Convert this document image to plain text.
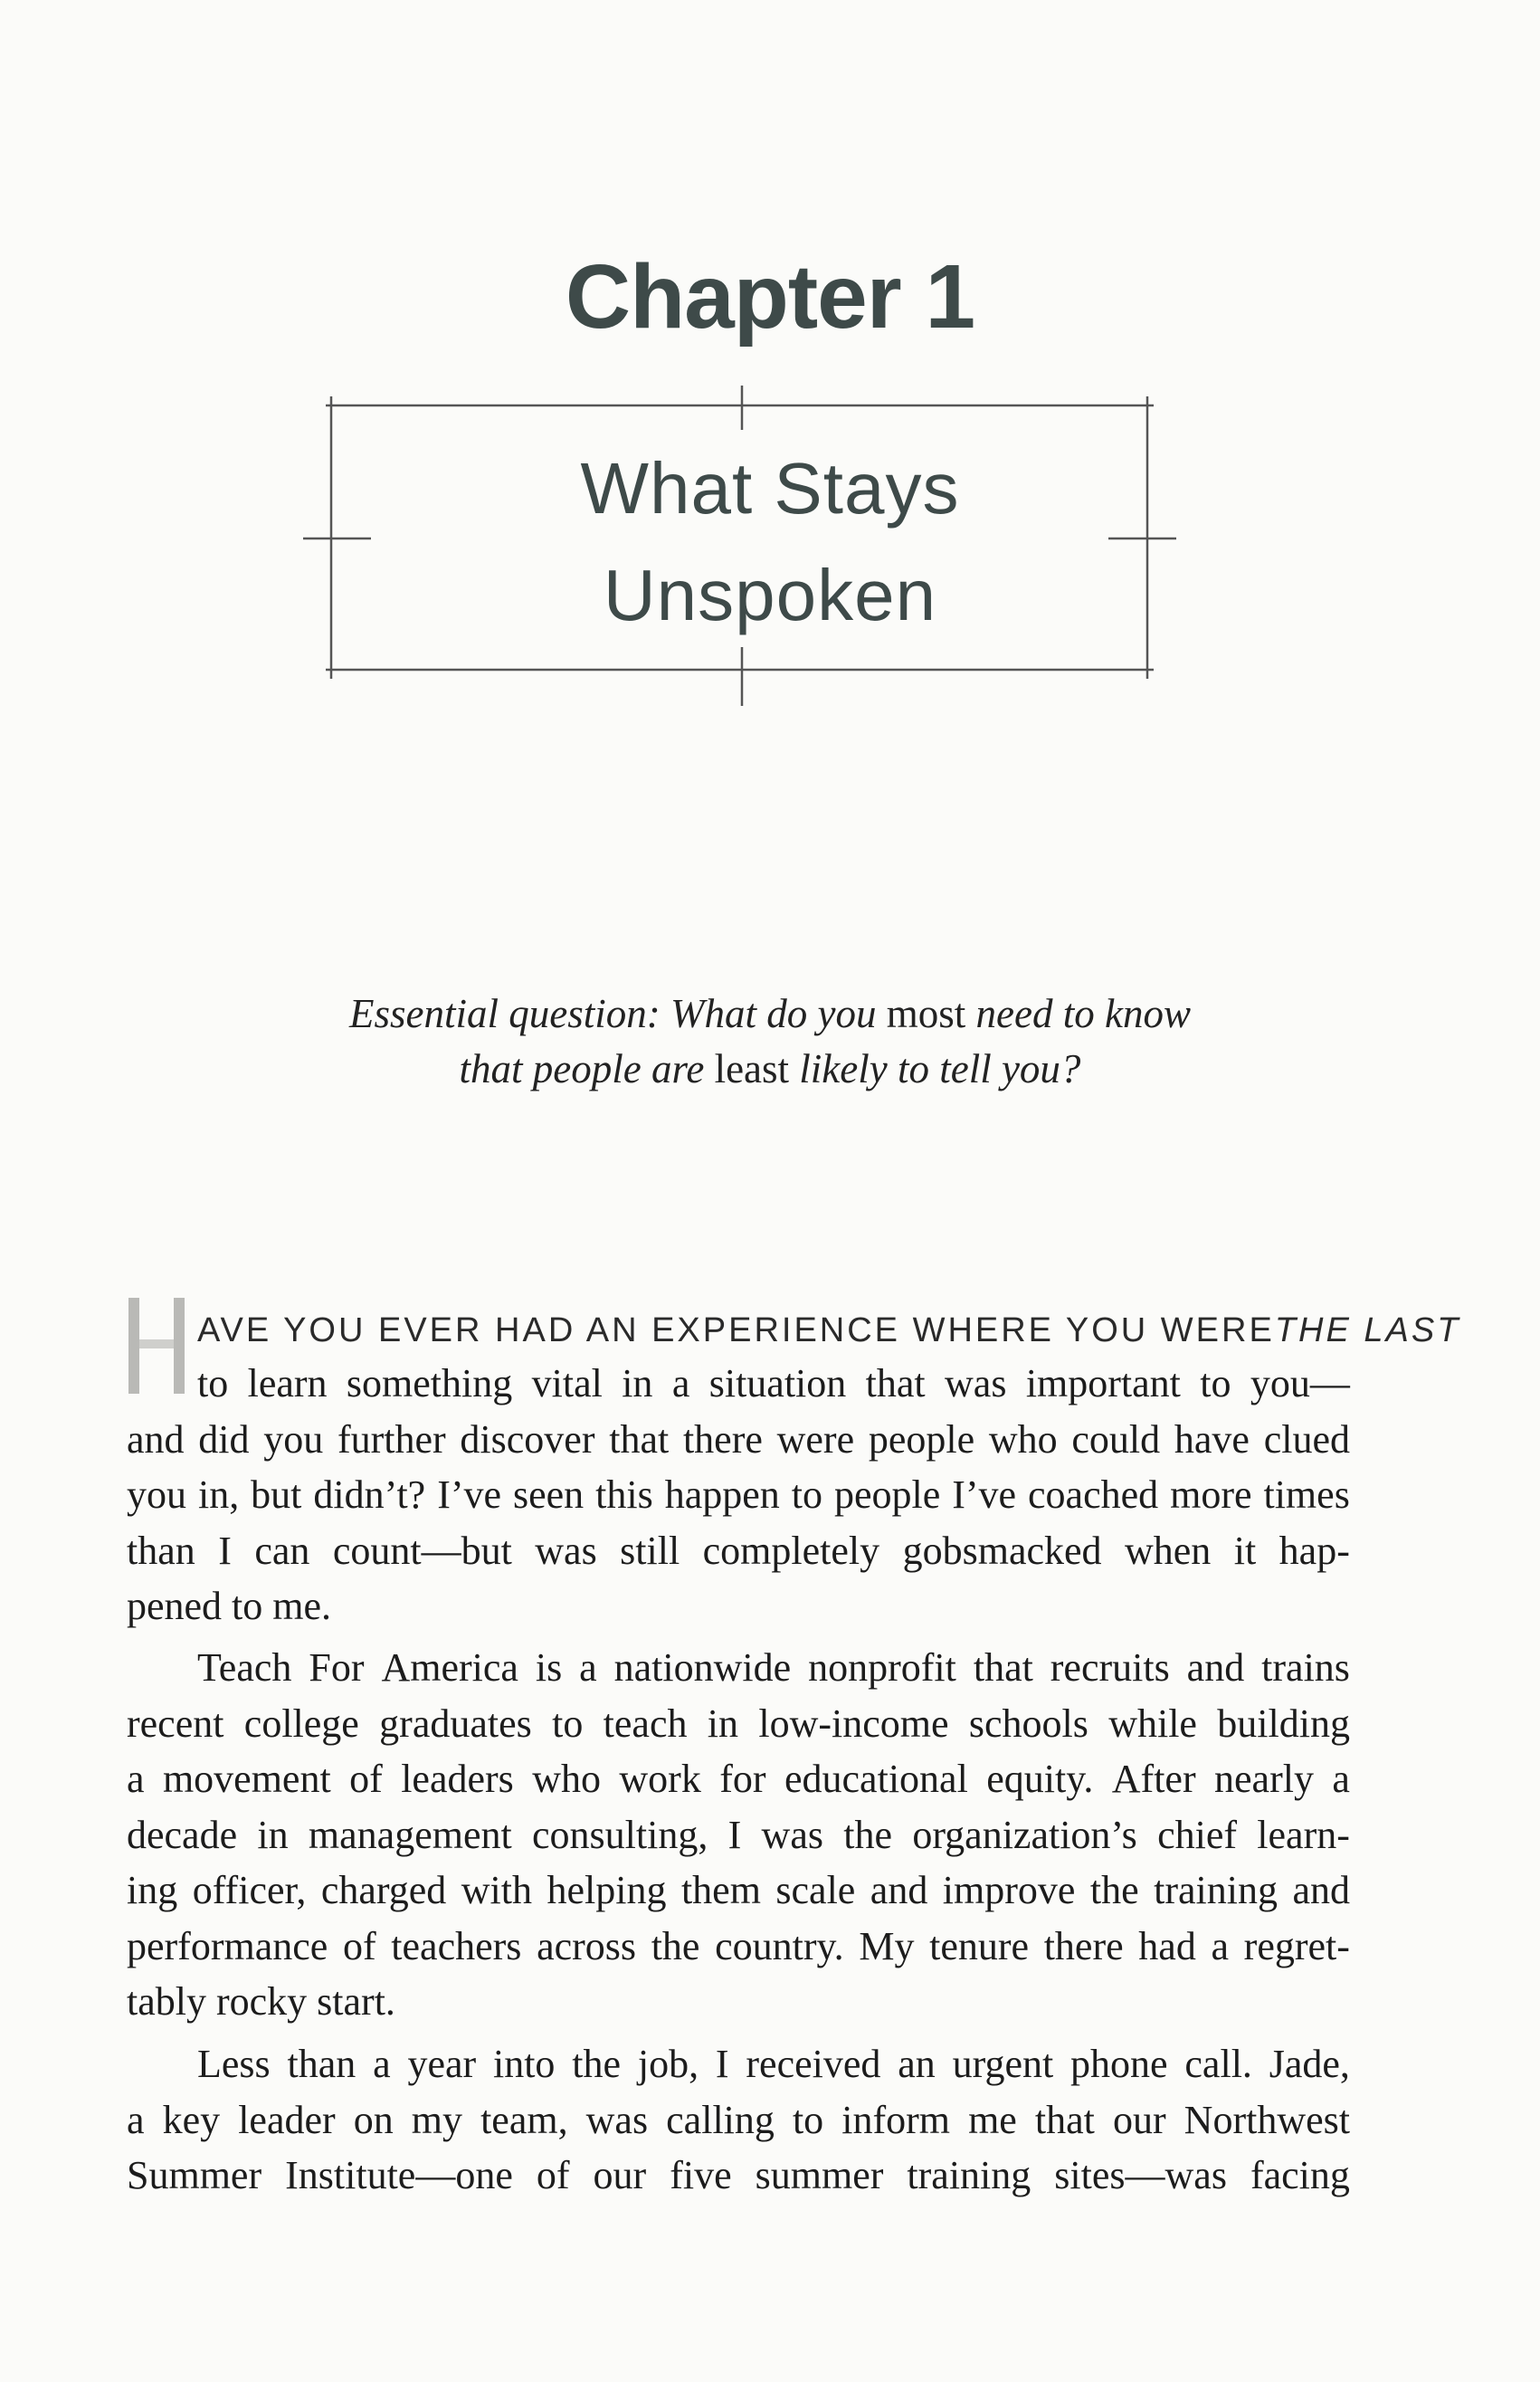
Chapter 1
What Stays
Unspoken
Essential question: What do you most need to know
that people are least likely to tell you?
AVE YOU EVER HAD AN EXPERIENCE WHERE YOU WERE THE LAST
to learn something vital in a situation that was important to you—
and did you further discover that there were people who could have clued
you in, but didn’t? I’ve seen this happen to people I’ve coached more times
than I can count—but was still completely gobsmacked when it hap-
pened to me.
Teach For America is a nationwide nonprofit that recruits and trains
recent college graduates to teach in low-income schools while building
a movement of leaders who work for educational equity. After nearly a
decade in management consulting, I was the organization’s chief learn-
ing officer, charged with helping them scale and improve the training and
performance of teachers across the country. My tenure there had a regret-
tably rocky start.
Less than a year into the job, I received an urgent phone call. Jade,
a key leader on my team, was calling to inform me that our Northwest
Summer Institute—one of our five summer training sites—was facing
